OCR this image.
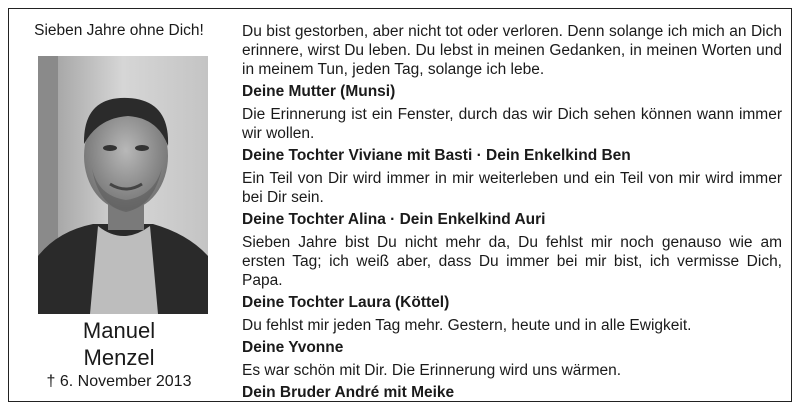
Sieben Jahre ohne Dich!
Manuel
Menzel
† 6. November 2013

Du bist gestorben, aber nicht tot oder verloren. Denn solange ich mich an Dich erinnere, wirst Du leben. Du lebst in meinen Gedanken, in meinen Worten und in meinem Tun, jeden Tag, solange ich lebe.

Deine Mutter (Munsi)

Die Erinnerung ist ein Fenster, durch das wir Dich sehen können wann immer wir wollen.

Deine Tochter Viviane mit Basti · Dein Enkelkind Ben

Ein Teil von Dir wird immer in mir weiterleben und ein Teil von mir wird immer bei Dir sein.

Deine Tochter Alina · Dein Enkelkind Auri

Sieben Jahre bist Du nicht mehr da, Du fehlst mir noch genauso wie am ersten Tag; ich weiß aber, dass Du immer bei mir bist, ich vermisse Dich, Papa.

Deine Tochter Laura (Köttel)

Du fehlst mir jeden Tag mehr. Gestern, heute und in alle Ewigkeit.

Deine Yvonne

Es war schön mit Dir. Die Erinnerung wird uns wärmen.

Dein Bruder André mit Meike
